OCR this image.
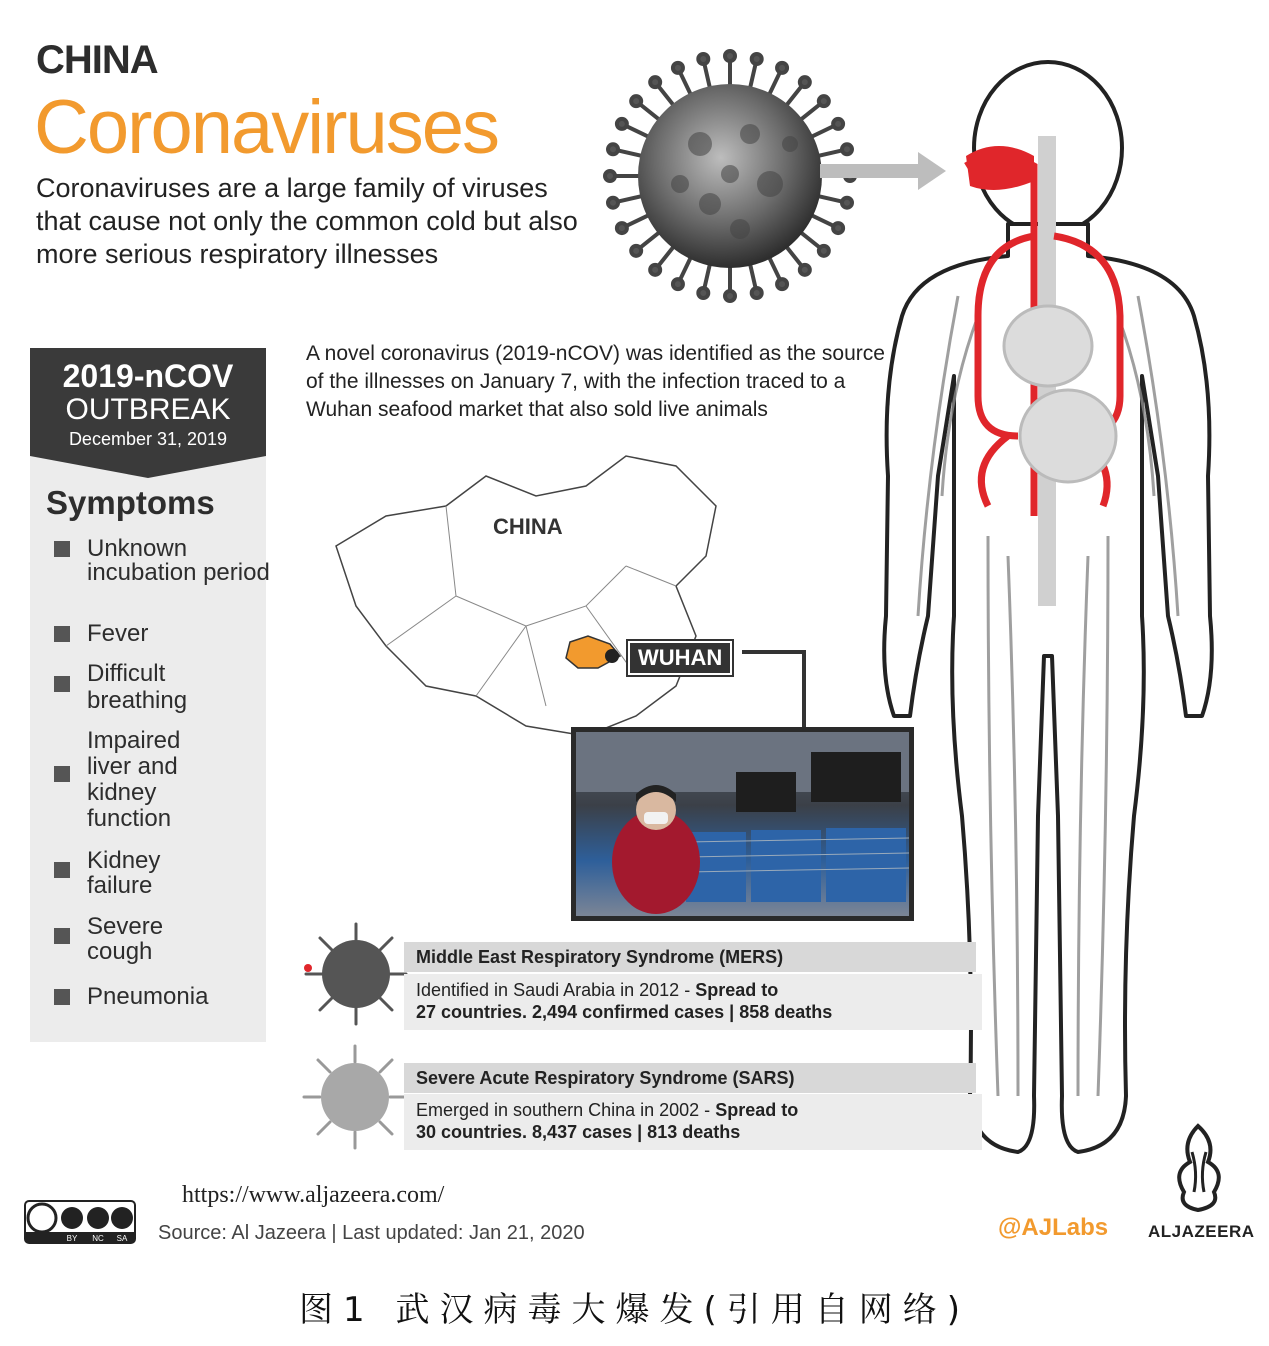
CHINA
Coronaviruses
Coronaviruses are a large family of viruses that cause not only the common cold but also more serious respiratory illnesses
2019-nCOV
OUTBREAK
December 31, 2019
Symptoms
Unknown incubation period
Fever
Difficult breathing
Impaired liver and kidney function
Kidney failure
Severe cough
Pneumonia
A novel coronavirus (2019-nCOV) was identified as the source of the illnesses on January 7, with the infection traced to a Wuhan seafood market that also sold live animals
CHINA
WUHAN
Middle East Respiratory Syndrome (MERS)
Identified in Saudi Arabia in 2012 - Spread to
27 countries. 2,494 confirmed cases | 858 deaths
Severe Acute Respiratory Syndrome (SARS)
Emerged in southern China in 2002 - Spread to
30 countries. 8,437 cases | 813 deaths
https://www.aljazeera.com/
BY NC SA Source: Al Jazeera | Last updated: Jan 21, 2020	@AJLabs ALJAZEERA
图1 武汉病毒大爆发(引用自网络)
